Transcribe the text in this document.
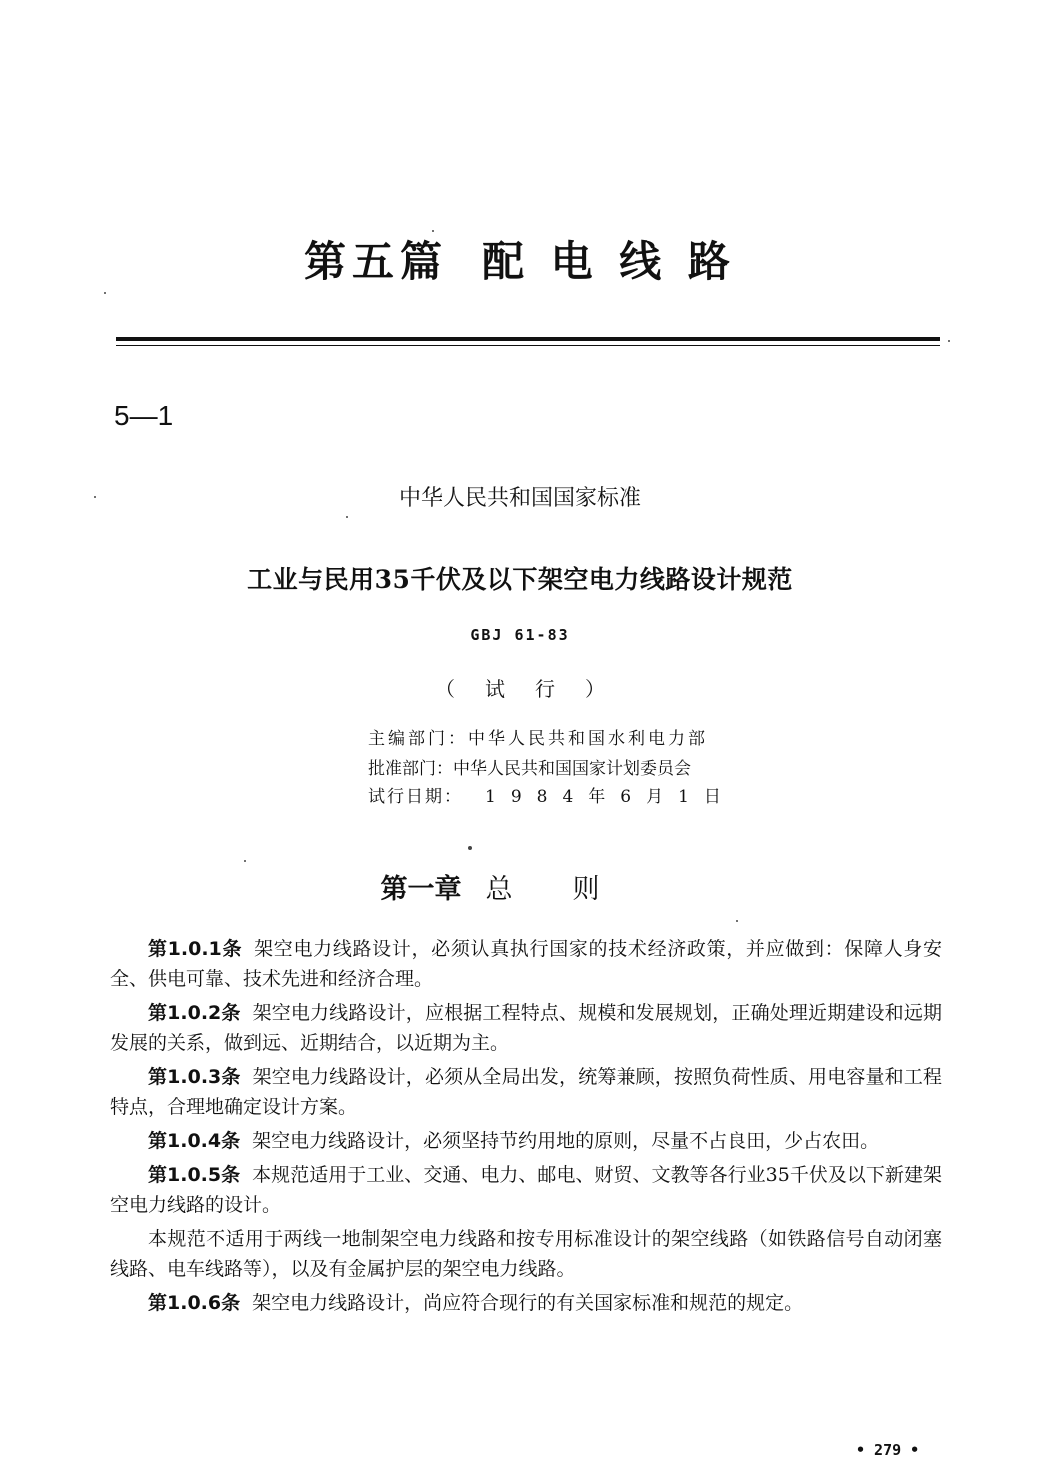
第五篇 配 电 线 路
5—1
中华人民共和国国家标准
工业与民用35千伏及以下架空电力线路设计规范
GBJ 61-83
（试行）
主编部门：中华人民共和国水利电力部
批准部门：中华人民共和国国家计划委员会
试行日期： 1984年6月1日
第一章 总则

第1.0.1条 架空电力线路设计，必须认真执行国家的技术经济政策，并应做到：保障人身安全、供电可靠、技术先进和经济合理。

第1.0.2条 架空电力线路设计，应根据工程特点、规模和发展规划，正确处理近期建设和远期发展的关系，做到远、近期结合，以近期为主。

第1.0.3条 架空电力线路设计，必须从全局出发，统筹兼顾，按照负荷性质、用电容量和工程特点，合理地确定设计方案。

第1.0.4条 架空电力线路设计，必须坚持节约用地的原则，尽量不占良田，少占农田。

第1.0.5条 本规范适用于工业、交通、电力、邮电、财贸、文教等各行业35千伏及以下新建架空电力线路的设计。

本规范不适用于两线一地制架空电力线路和按专用标准设计的架空线路（如铁路信号自动闭塞线路、电车线路等），以及有金属护层的架空电力线路。

第1.0.6条 架空电力线路设计，尚应符合现行的有关国家标准和规范的规定。

• 279 •
